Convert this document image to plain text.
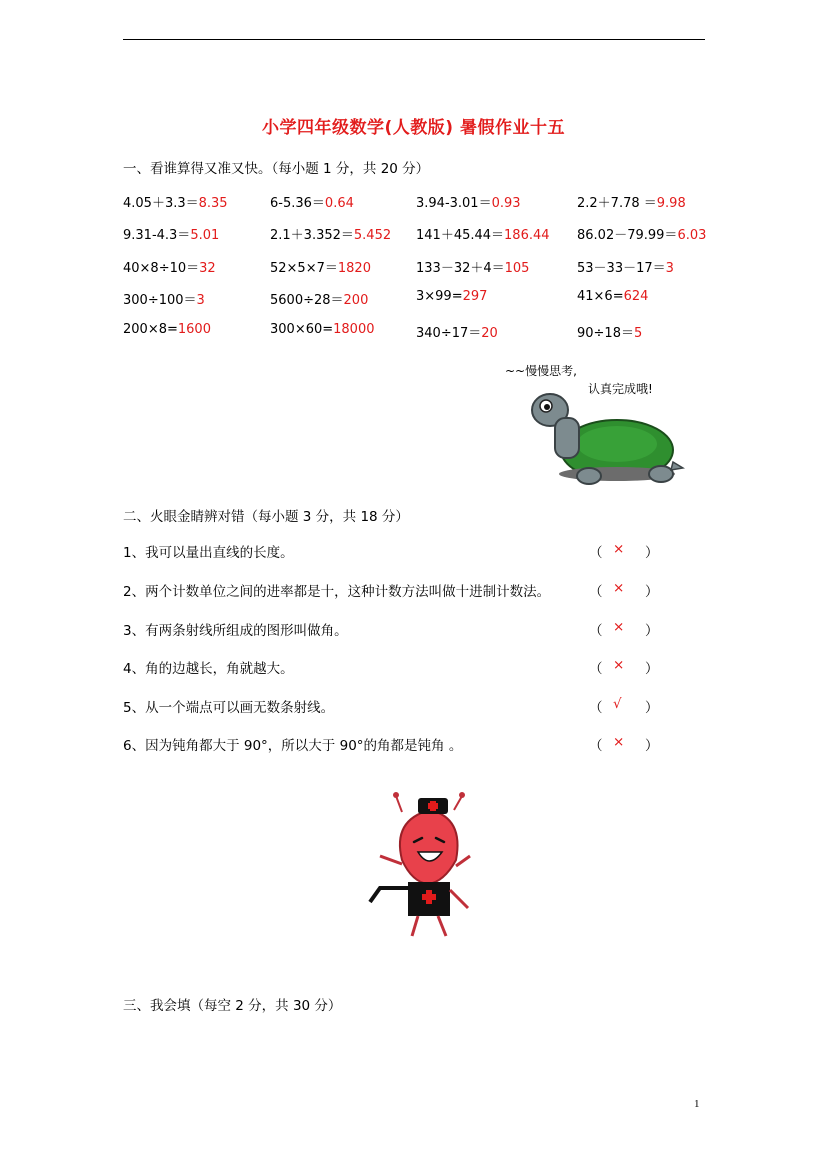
小学四年级数学(人教版) 暑假作业十五
一、看谁算得又准又快。（每小题 1 分，共 20 分）
4.05＋3.3＝8.35	6-5.36＝0.64	3.94-3.01＝0.93	2.2＋7.78 ＝9.98
9.31-4.3＝5.01	2.1＋3.352＝5.452 141＋45.44＝186.44 86.02－79.99＝6.03
40×8÷10＝32	52×5×7＝1820	133－32＋4＝105	53－33－17＝3
300÷100＝3	5600÷28＝200	3×99=297	41×6=624
200×8=1600	300×60=18000	340÷17＝20	90÷18＝5
~~慢慢思考,
认真完成哦!
二、火眼金睛辨对错（每小题 3 分，共 18 分）
1、我可以量出直线的长度。	（ × ）
2、两个计数单位之间的进率都是十，这种计数方法叫做十进制计数法。	（ × ）
3、有两条射线所组成的图形叫做角。	（ × ）
4、角的边越长，角就越大。	（ × ）
5、从一个端点可以画无数条射线。	（ √ ）
6、因为钝角都大于 90°，所以大于 90°的角都是钝角 。	（ × ）
三、我会填（每空 2 分，共 30 分）
1
